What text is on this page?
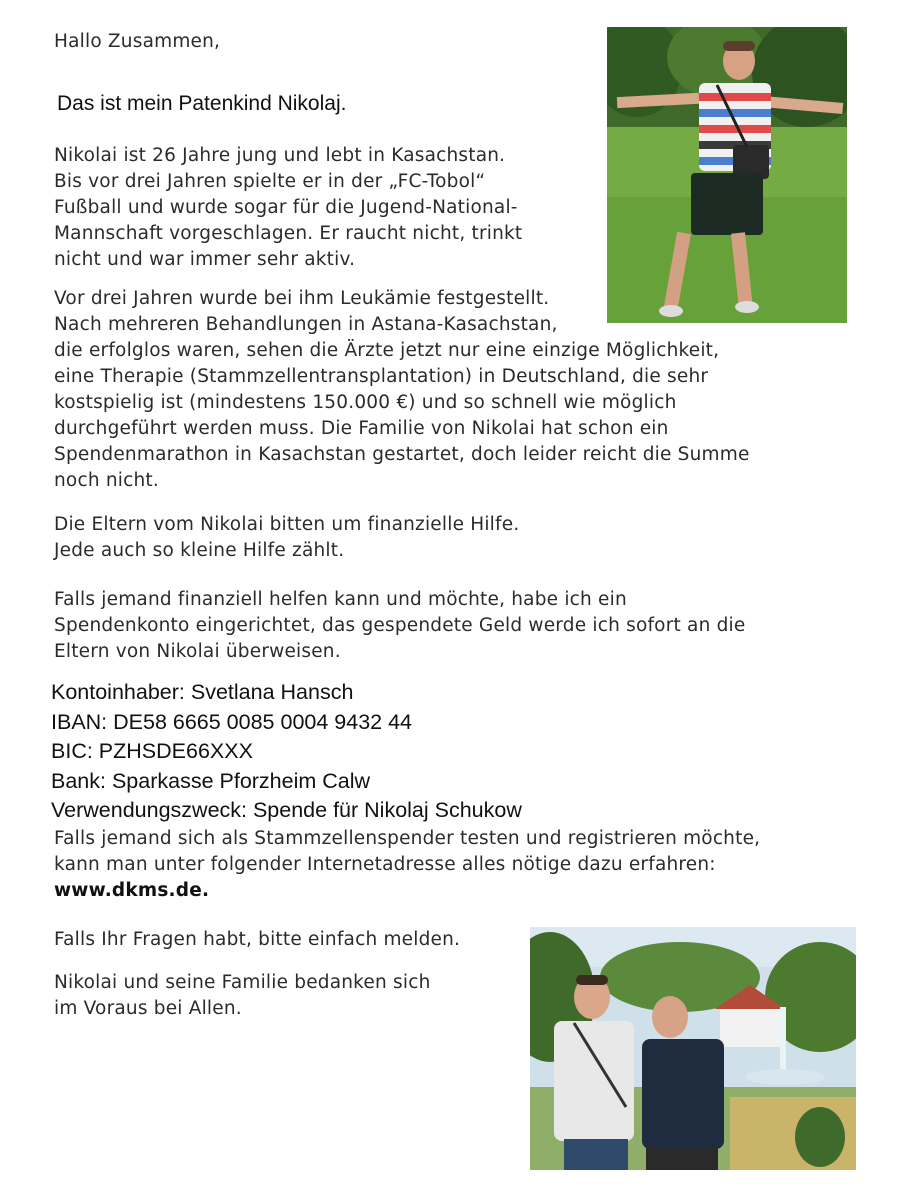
Hallo Zusammen,

Das ist mein Patenkind Nikolaj.

Nikolai ist 26 Jahre jung und lebt in Kasachstan.
Bis vor drei Jahren spielte er in der „FC-Tobol“
Fußball und wurde sogar für die Jugend-National-
Mannschaft vorgeschlagen. Er raucht nicht, trinkt
nicht und war immer sehr aktiv.
Vor drei Jahren wurde bei ihm Leukämie festgestellt.
Nach mehreren Behandlungen in Astana-Kasachstan,
die erfolglos waren, sehen die Ärzte jetzt nur eine einzige Möglichkeit,
eine Therapie (Stammzellentransplantation) in Deutschland, die sehr
kostspielig ist (mindestens 150.000 €) und so schnell wie möglich
durchgeführt werden muss. Die Familie von Nikolai hat schon ein
Spendenmarathon in Kasachstan gestartet, doch leider reicht die Summe
noch nicht.
Die Eltern vom Nikolai bitten um finanzielle Hilfe.
Jede auch so kleine Hilfe zählt.
Falls jemand finanziell helfen kann und möchte, habe ich ein
Spendenkonto eingerichtet, das gespendete Geld werde ich sofort an die
Eltern von Nikolai überweisen.
Kontoinhaber: Svetlana Hansch
IBAN: DE58 6665 0085 0004 9432 44
BIC: PZHSDE66XXX
Bank: Sparkasse Pforzheim Calw
Verwendungszweck: Spende für Nikolaj Schukow
Falls jemand sich als Stammzellenspender testen und registrieren möchte,
kann man unter folgender Internetadresse alles nötige dazu erfahren:
www.dkms.de.

Falls Ihr Fragen habt, bitte einfach melden.

Nikolai und seine Familie bedanken sich
im Voraus bei Allen.
